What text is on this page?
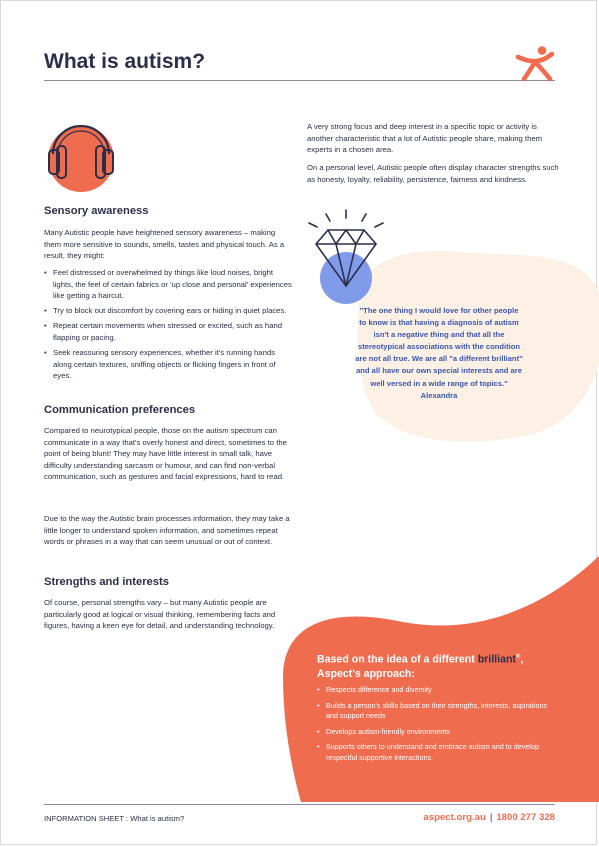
What is autism?
Sensory awareness

Many Autistic people have heightened sensory awareness – making them more sensitive to sounds, smells, tastes and physical touch. As a result, they might:

• Feel distressed or overwhelmed by things like loud noises, bright lights, the feel of certain fabrics or 'up close and personal' experiences like getting a haircut.
• Try to block out discomfort by covering ears or hiding in quiet places.
• Repeat certain movements when stressed or excited, such as hand flapping or pacing.
• Seek reassuring sensory experiences, whether it's running hands along certain textures, sniffing objects or flicking fingers in front of eyes.
Communication preferences

Compared to neurotypical people, those on the autism spectrum can communicate in a way that's overly honest and direct, sometimes to the point of being blunt! They may have little interest in small talk, have difficulty understanding sarcasm or humour, and can find non-verbal communication, such as gestures and facial expressions, hard to read.

Due to the way the Autistic brain processes information, they may take a little longer to understand spoken information, and sometimes repeat words or phrases in a way that can seem unusual or out of context.

Strengths and interests

Of course, personal strengths vary – but many Autistic people are particularly good at logical or visual thinking, remembering facts and figures, having a keen eye for detail, and understanding technology.

A very strong focus and deep interest in a specific topic or activity is another characteristic that a lot of Autistic people share, making them experts in a chosen area.

On a personal level, Autistic people often display character strengths such as honesty, loyalty, reliability, persistence, fairness and kindness.

"The one thing I would love for other people to know is that having a diagnosis of autism isn't a negative thing and that all the stereotypical associations with the condition are not all true. We are all "a different brilliant" and all have our own special interests and are well versed in a wide range of topics." Alexandra

Based on the idea of a different brilliant®, Aspect's approach:

• Respects difference and diversity
• Builds a person's skills based on their strengths, interests, aspirations and support needs
• Develops autism-friendly environments
• Supports others to understand and embrace autism and to develop respectful supportive interactions.
INFORMATION SHEET : What is autism?	aspect.org.au | 1800 277 328
